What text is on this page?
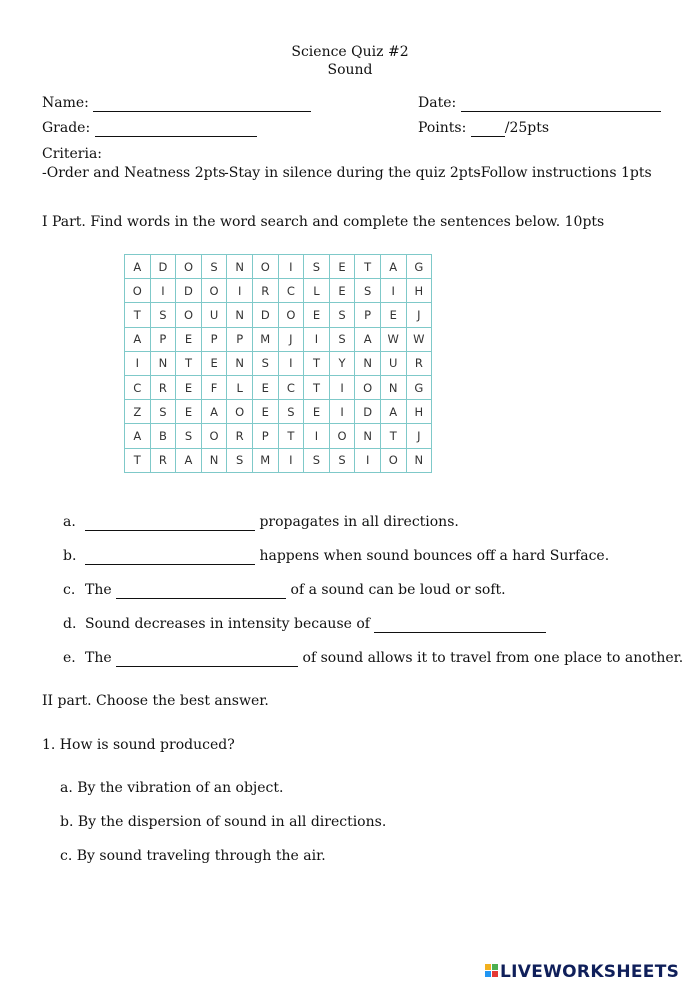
Science Quiz #2
Sound
Name:	Date:
Grade:	Points:	/25pts
Criteria:
-Order and Neatness 2pts
-Stay in silence during the quiz 2pts
-Follow instructions 1pts
I Part. Find words in the word search and complete the sentences below. 10pts
A	D	O	S	N	O	I	S	E	T	A	G
O	I	D	O	I	R	C	L	E	S	I	H
T	S	O	U	N	D	O	E	S	P	E	J
A	P	E	P	P	M	J	I	S	A	W	W
I	N	T	E	N	S	I	T	Y	N	U	R
C	R	E	F	L	E	C	T	I	O	N	G
Z	S	E	A	O	E	S	E	I	D	A	H
A	B	S	O	R	P	T	I	O	N	T	J
T	R	A	N	S	M	I	S	S	I	O	N
a.	propagates in all directions.
b.	happens when sound bounces off a hard Surface.
c. The	of a sound can be loud or soft.
d. Sound decreases in intensity because of
e. The	of sound allows it to travel from one place to another.
II part. Choose the best answer.
1. How is sound produced?
a. By the vibration of an object.
b. By the dispersion of sound in all directions.
c. By sound traveling through the air.
LIVEWORKSHEETS
